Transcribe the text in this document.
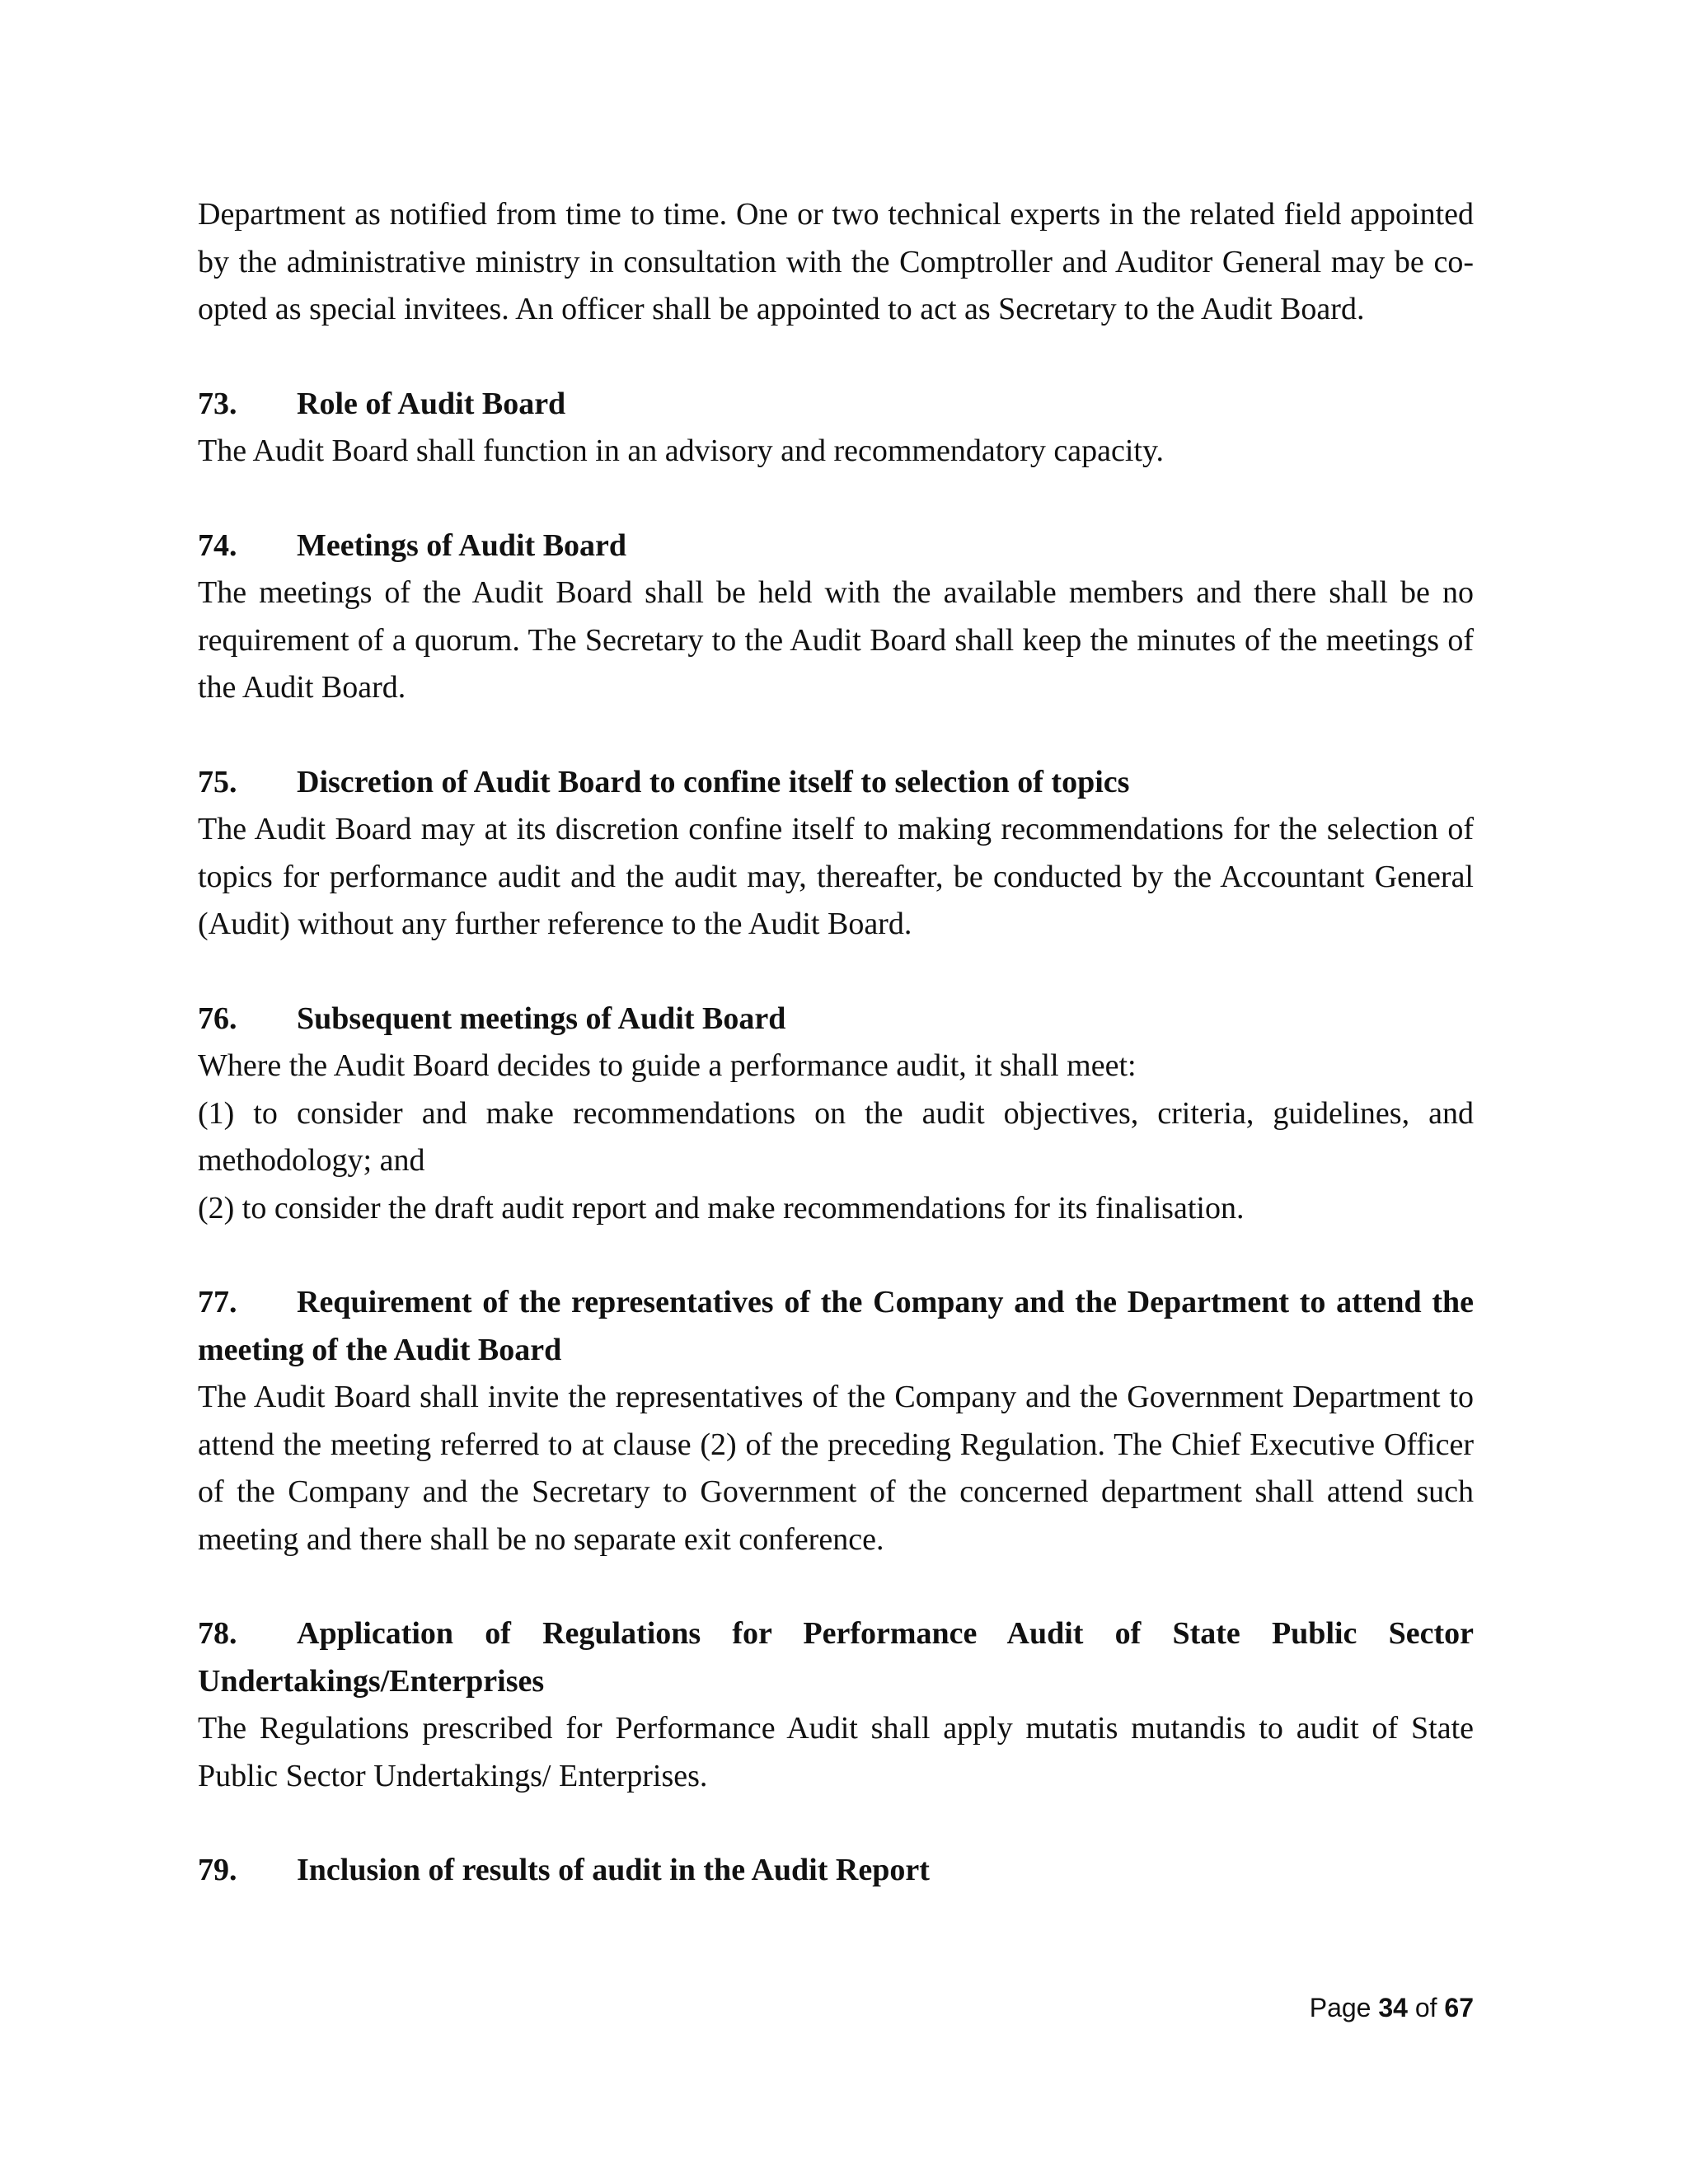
Department as notified from time to time. One or two technical experts in the related field appointed by the administrative ministry in consultation with the Comptroller and Auditor General may be co-opted as special invitees. An officer shall be appointed to act as Secretary to the Audit Board.

73. Role of Audit Board

The Audit Board shall function in an advisory and recommendatory capacity.

74. Meetings of Audit Board

The meetings of the Audit Board shall be held with the available members and there shall be no requirement of a quorum. The Secretary to the Audit Board shall keep the minutes of the meetings of the Audit Board.

75. Discretion of Audit Board to confine itself to selection of topics

The Audit Board may at its discretion confine itself to making recommendations for the selection of topics for performance audit and the audit may, thereafter, be conducted by the Accountant General (Audit) without any further reference to the Audit Board.

76. Subsequent meetings of Audit Board

Where the Audit Board decides to guide a performance audit, it shall meet:

(1) to consider and make recommendations on the audit objectives, criteria, guidelines, and methodology; and

(2) to consider the draft audit report and make recommendations for its finalisation.

77. Requirement of the representatives of the Company and the Department to attend the meeting of the Audit Board

The Audit Board shall invite the representatives of the Company and the Government Department to attend the meeting referred to at clause (2) of the preceding Regulation. The Chief Executive Officer of the Company and the Secretary to Government of the concerned department shall attend such meeting and there shall be no separate exit conference.

78. Application of Regulations for Performance Audit of State Public Sector Undertakings/Enterprises

The Regulations prescribed for Performance Audit shall apply mutatis mutandis to audit of State Public Sector Undertakings/ Enterprises.

79. Inclusion of results of audit in the Audit Report

Page 34 of 67
